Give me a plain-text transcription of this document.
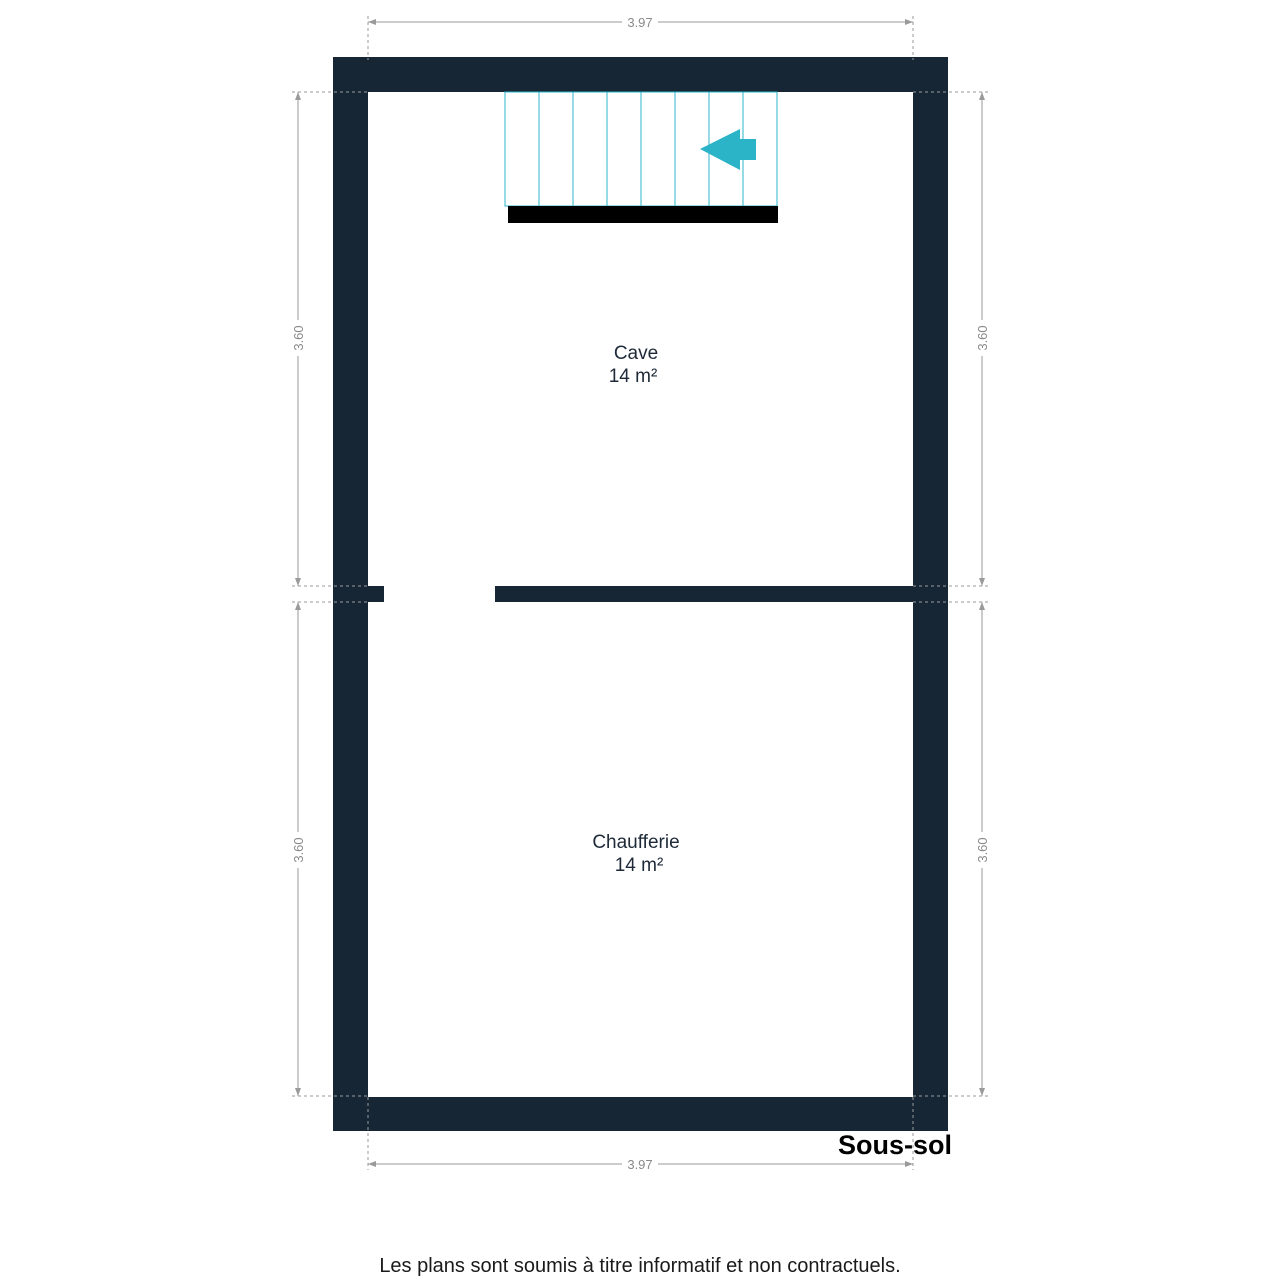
3.97
3.97
3.60
3.60
3.60
3.60
Cave
14 m²
Chaufferie
14 m²
Sous-sol
Les plans sont soumis à titre informatif et non contractuels.
